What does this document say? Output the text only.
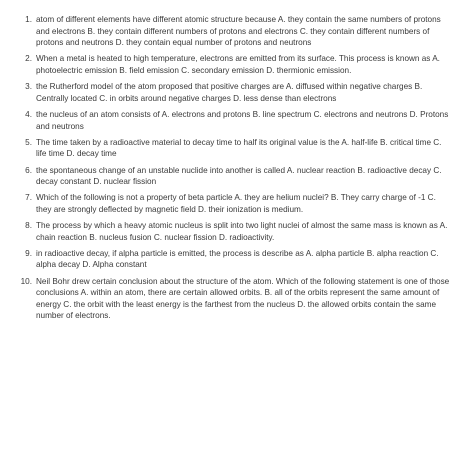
1. atom of different elements have different atomic structure because A. they contain the same numbers of protons and electrons B. they contain different numbers of protons and electrons C. they contain different numbers of protons and neutrons D. they contain equal number of protons and neutrons
2. When a metal is heated to high temperature, electrons are emitted from its surface. This process is known as A. photoelectric emission B. field emission C. secondary emission D. thermionic emission.
3. the Rutherford model of the atom proposed that positive charges are A. diffused within negative charges B. Centrally located C. in orbits around negative charges D. less dense than electrons
4. the nucleus of an atom consists of A. electrons and protons B. line spectrum C. electrons and neutrons D. Protons and neutrons
5. The time taken by a radioactive material to decay time to half its original value is the A. half-life B. critical time C. life time D. decay time
6. the spontaneous change of an unstable nuclide into another is called A. nuclear reaction B. radioactive decay C. decay constant D. nuclear fission
7. Which of the following is not a property of beta particle A. they are helium nuclei? B. They carry charge of -1 C. they are strongly deflected by magnetic field D. their ionization is medium.
8. The process by which a heavy atomic nucleus is split into two light nuclei of almost the same mass is known as A. chain reaction B. nucleus fusion C. nuclear fission D. radioactivity.
9. in radioactive decay, if alpha particle is emitted, the process is describe as A. alpha particle B. alpha reaction C. alpha decay D. Alpha constant
10. Neil Bohr drew certain conclusion about the structure of the atom. Which of the following statement is one of those conclusions A. within an atom, there are certain allowed orbits. B. all of the orbits represent the same amount of energy C. the orbit with the least energy is the farthest from the nucleus D. the allowed orbits contain the same number of electrons.
